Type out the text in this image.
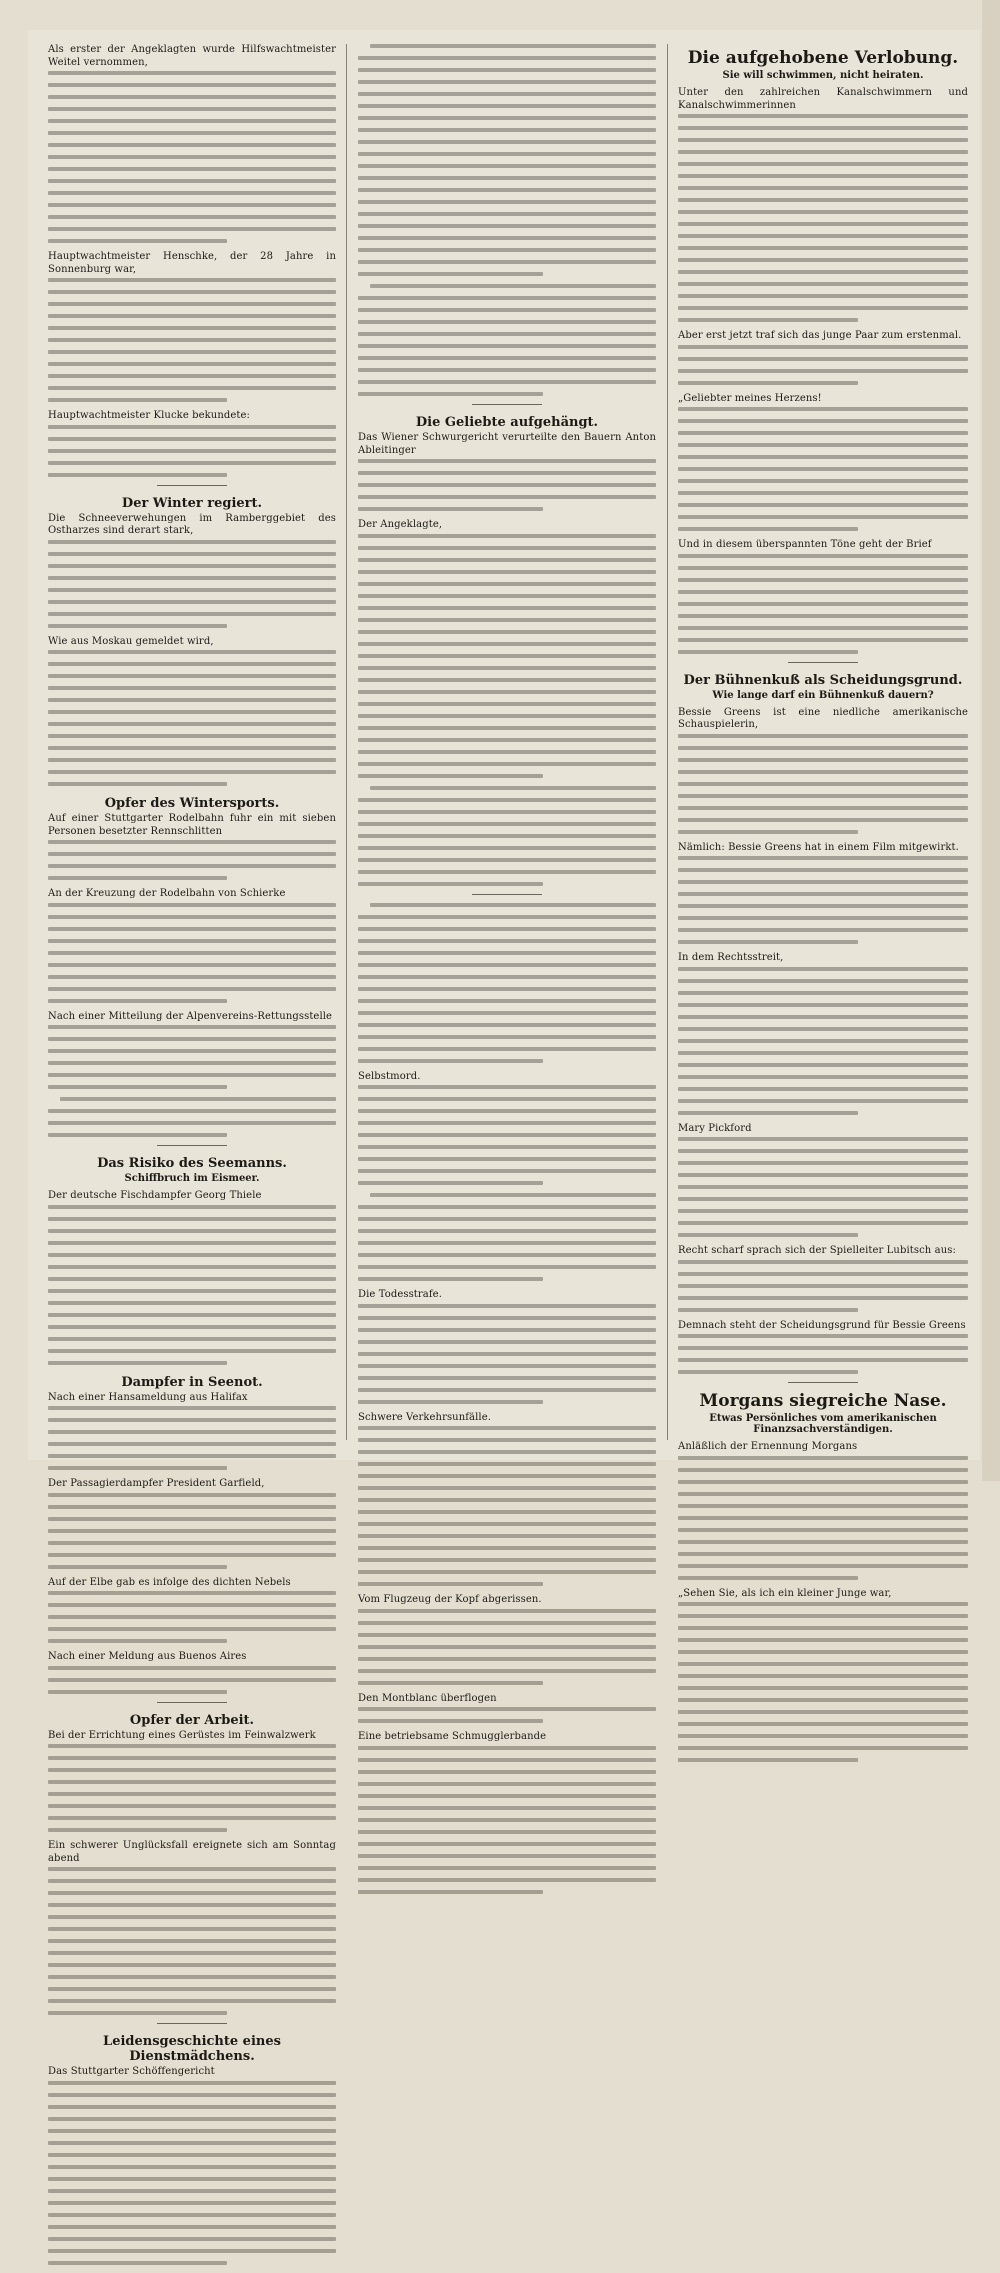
Als erster der Angeklagten wurde Hilfswachtmeister Weitel vernommen,

Hauptwachtmeister Henschke, der 28 Jahre in Sonnenburg war,

Hauptwachtmeister Klucke bekundete:

Der Winter regiert.

Die Schneeverwehungen im Ramberggebiet des Ostharzes sind derart stark,

Wie aus Moskau gemeldet wird,

Opfer des Wintersports.

Auf einer Stuttgarter Rodelbahn fuhr ein mit sieben Personen besetzter Rennschlitten

An der Kreuzung der Rodelbahn von Schierke

Nach einer Mitteilung der Alpenvereins-Rettungsstelle

Das Risiko des Seemanns.
Schiffbruch im Eismeer.

Der deutsche Fischdampfer Georg Thiele

Dampfer in Seenot.

Nach einer Hansameldung aus Halifax

Der Passagierdampfer President Garfield,

Auf der Elbe gab es infolge des dichten Nebels

Nach einer Meldung aus Buenos Aires

Opfer der Arbeit.

Bei der Errichtung eines Gerüstes im Feinwalzwerk

Ein schwerer Unglücksfall ereignete sich am Sonntag abend

Leidensgeschichte eines Dienstmädchens.

Das Stuttgarter Schöffengericht

Die Geliebte aufgehängt.

Das Wiener Schwurgericht verurteilte den Bauern Anton Ableitinger

Der Angeklagte,

Selbstmord.

Die Todesstrafe.

Schwere Verkehrsunfälle.

Vom Flugzeug der Kopf abgerissen.

Den Montblanc überflogen

Eine betriebsame Schmugglerbande

Die aufgehobene Verlobung.
Sie will schwimmen, nicht heiraten.

Unter den zahlreichen Kanalschwimmern und Kanalschwimmerinnen

Aber erst jetzt traf sich das junge Paar zum erstenmal.

„Geliebter meines Herzens!

Und in diesem überspannten Töne geht der Brief

Der Bühnenkuß als Scheidungsgrund.
Wie lange darf ein Bühnenkuß dauern?

Bessie Greens ist eine niedliche amerikanische Schauspielerin,

Nämlich: Bessie Greens hat in einem Film mitgewirkt.

In dem Rechtsstreit,

Mary Pickford

Recht scharf sprach sich der Spielleiter Lubitsch aus:

Demnach steht der Scheidungsgrund für Bessie Greens

Morgans siegreiche Nase.
Etwas Persönliches vom amerikanischen Finanzsachverständigen.

Anläßlich der Ernennung Morgans

„Sehen Sie, als ich ein kleiner Junge war,
